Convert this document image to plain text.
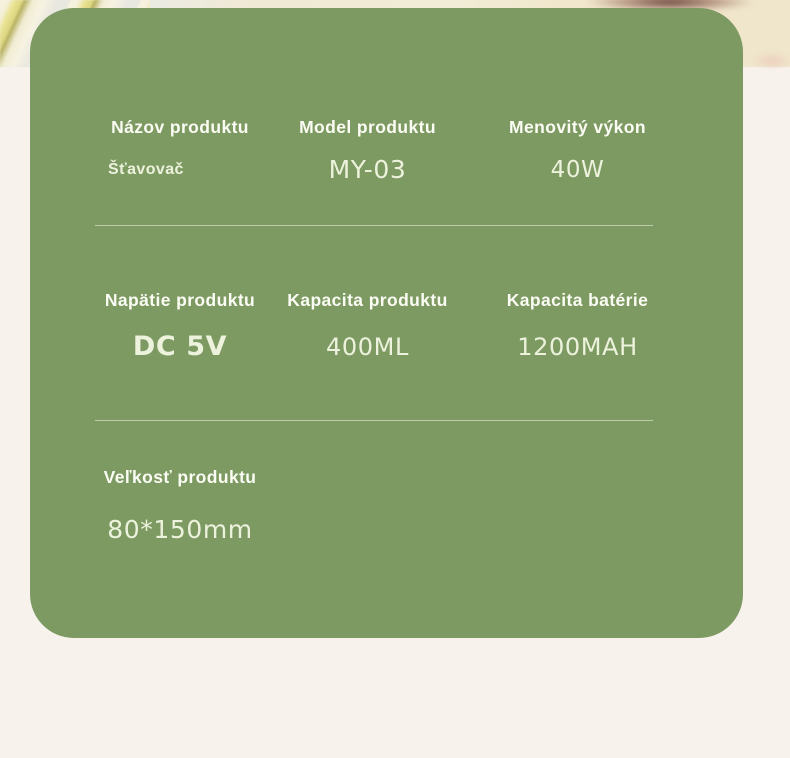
Názov produktu
Šťavovač
Model produktu
MY-03
Menovitý výkon
40W
Napätie produktu
DC 5V
Kapacita produktu
400ML
Kapacita batérie
1200MAH
Veľkosť produktu
80*150mm
